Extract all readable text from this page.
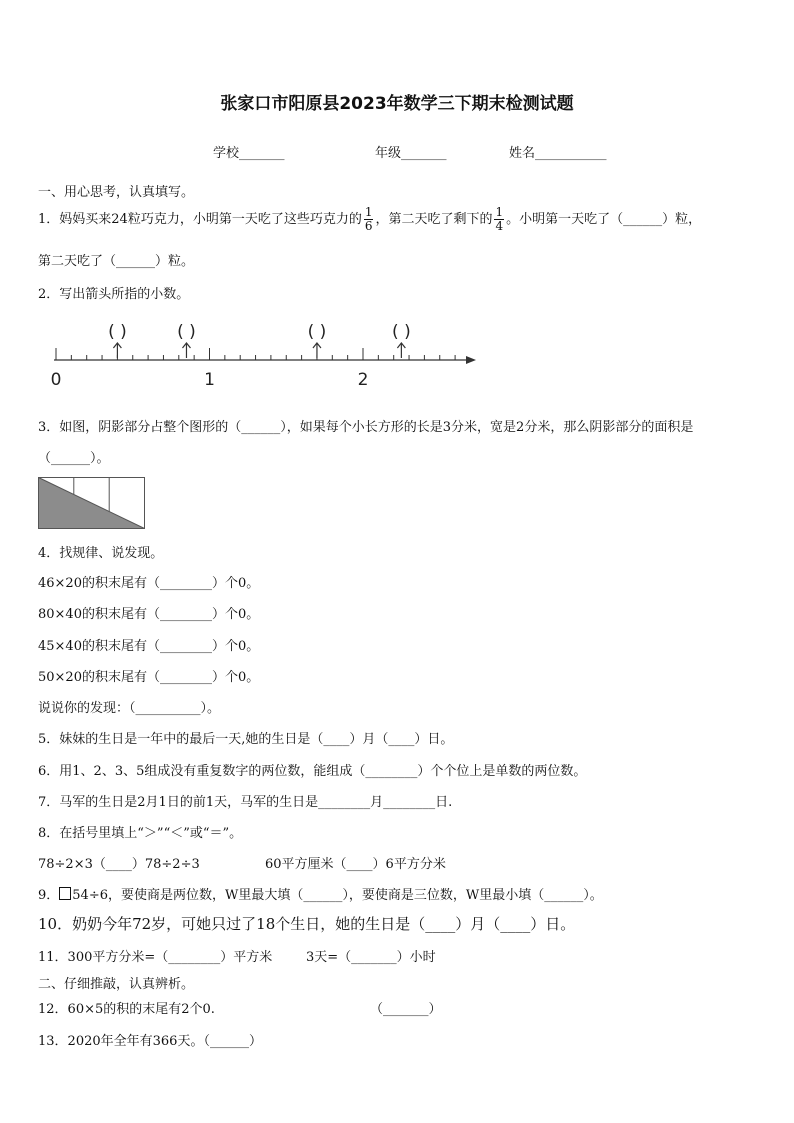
张家口市阳原县2023年数学三下期末检测试题
学校_______	年级_______	姓名___________
一、用心思考，认真填写。
1．妈妈买来24粒巧克力，小明第一天吃了这些巧克力的 $\frac{1}{6}$ ，第二天吃了剩下的 $\frac{1}{4}$ 。小明第一天吃了（______）粒，
第二天吃了（______）粒。
2．写出箭头所指的小数。
0	1	2
( )	( )	( )	( )
3．如图，阴影部分占整个图形的（______），如果每个小长方形的长是3分米，宽是2分米，那么阴影部分的面积是
（______）。
4．找规律、说发现。
46×20的积末尾有（________）个0。
80×40的积末尾有（________）个0。
45×40的积末尾有（________）个0。
50×20的积末尾有（________）个0。
说说你的发现：（__________）。
5．妹妹的生日是一年中的最后一天,她的生日是（____）月（____）日。
6．用1、2、3、5组成没有重复数字的两位数，能组成（________）个个位上是单数的两位数。
7．马军的生日是2月1日的前1天，马军的生日是________月________日.
8．在括号里填上“＞”“＜”或“＝”。
78÷2×3（____）78÷2÷3	60平方厘米（____）6平方分米
9． 54÷6，要使商是两位数，W里最大填（______），要使商是三位数，W里最小填（______）。
10．奶奶今年72岁，可她只过了18个生日，她的生日是（____）月（____）日。
11．300平方分米=（________）平方米	3天=（_______）小时
二、仔细推敲，认真辨析。
12．60×5的积的末尾有2个0.	（_______）
13．2020年全年有366天。（______）
